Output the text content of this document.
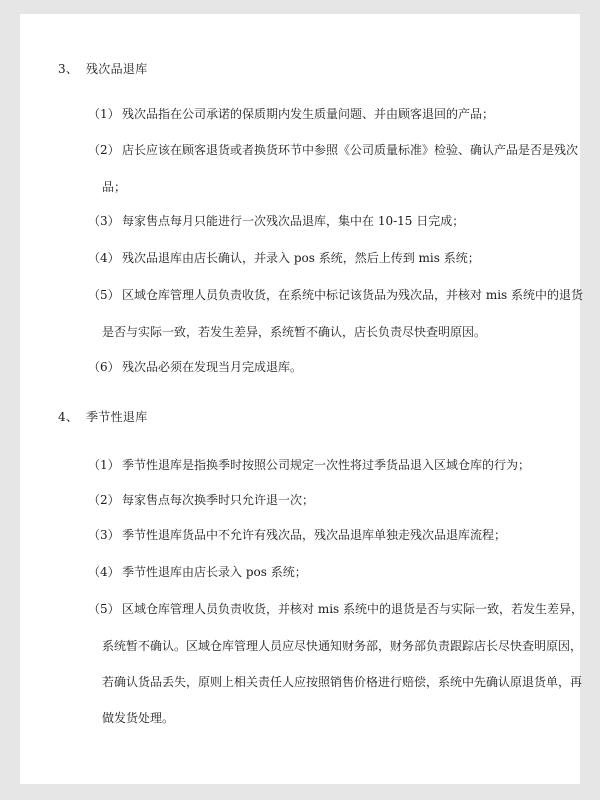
3、 残次品退库
（1） 残次品指在公司承诺的保质期内发生质量问题、并由顾客退回的产品；
（2） 店长应该在顾客退货或者换货环节中参照《公司质量标准》检验、确认产品是否是残次
品；
（3） 每家售点每月只能进行一次残次品退库，集中在 10-15 日完成；
（4） 残次品退库由店长确认，并录入 pos 系统，然后上传到 mis 系统；
（5） 区域仓库管理人员负责收货，在系统中标记该货品为残次品，并核对 mis 系统中的退货
是否与实际一致，若发生差异，系统暂不确认，店长负责尽快查明原因。
（6） 残次品必须在发现当月完成退库。
4、 季节性退库
（1） 季节性退库是指换季时按照公司规定一次性将过季货品退入区域仓库的行为；
（2） 每家售点每次换季时只允许退一次；
（3） 季节性退库货品中不允许有残次品，残次品退库单独走残次品退库流程；
（4） 季节性退库由店长录入 pos 系统；
（5） 区域仓库管理人员负责收货，并核对 mis 系统中的退货是否与实际一致，若发生差异，
系统暂不确认。区域仓库管理人员应尽快通知财务部，财务部负责跟踪店长尽快查明原因，
若确认货品丢失，原则上相关责任人应按照销售价格进行赔偿，系统中先确认原退货单，再
做发货处理。
